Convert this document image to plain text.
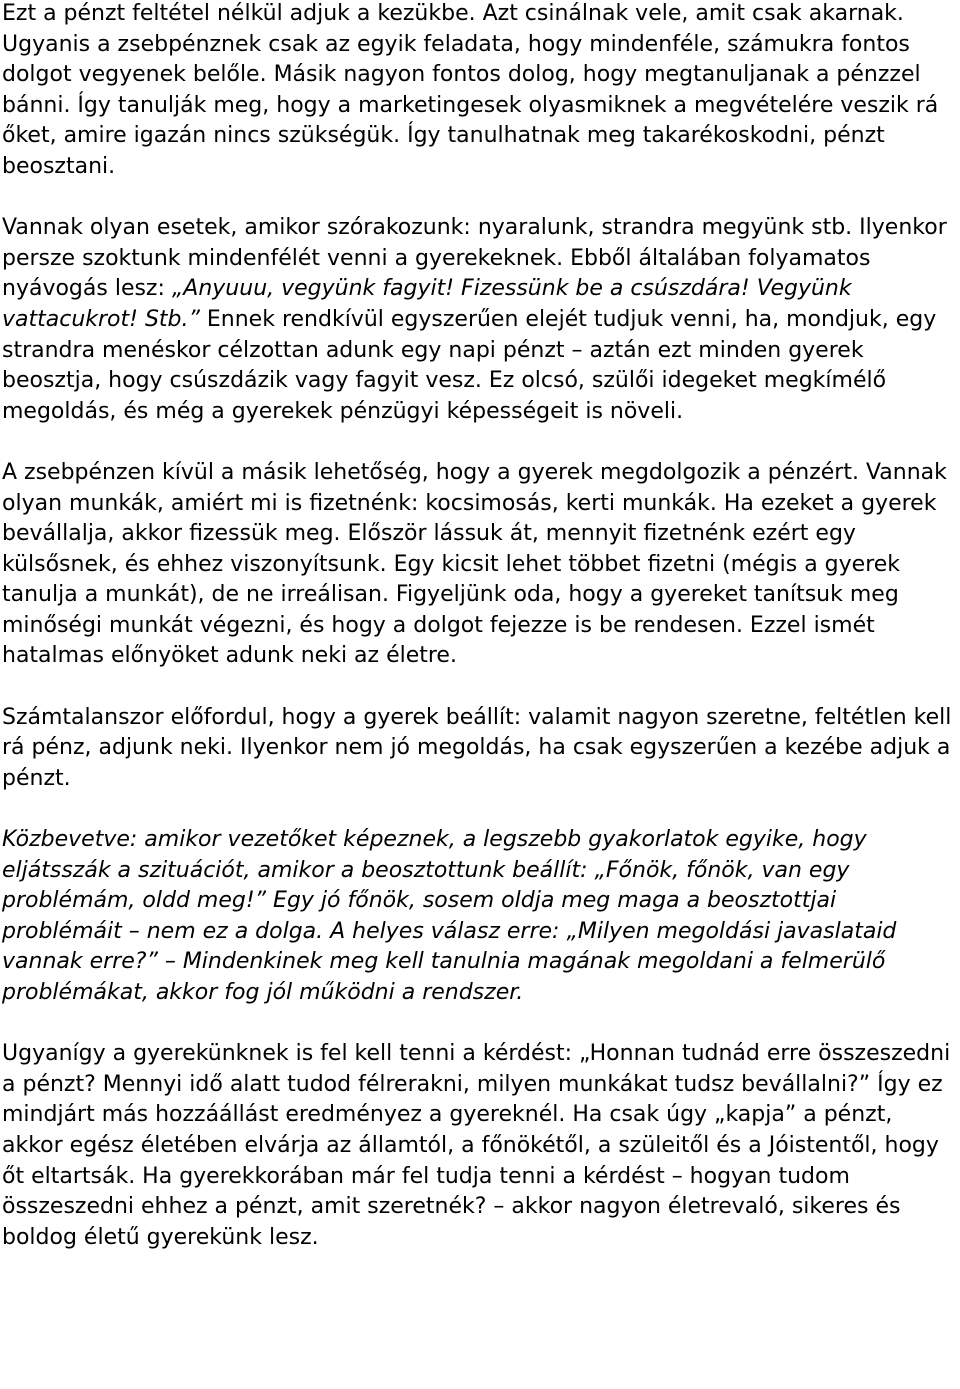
Ezt a pénzt feltétel nélkül adjuk a kezükbe. Azt csinálnak vele, amit csak akarnak. Ugyanis a zsebpénznek csak az egyik feladata, hogy mindenféle, számukra fontos dolgot vegyenek belőle. Másik nagyon fontos dolog, hogy megtanuljanak a pénzzel bánni. Így tanulják meg, hogy a marketingesek olyasmiknek a megvételére veszik rá őket, amire igazán nincs szükségük. Így tanulhatnak meg takarékoskodni, pénzt beosztani.

Vannak olyan esetek, amikor szórakozunk: nyaralunk, strandra megyünk stb. Ilyenkor persze szoktunk mindenfélét venni a gyerekeknek. Ebből általában folyamatos nyávogás lesz: „Anyuuu, vegyünk fagyit! Fizessünk be a csúszdára! Vegyünk vattacukrot! Stb.” Ennek rendkívül egyszerűen elejét tudjuk venni, ha, mondjuk, egy strandra menéskor célzottan adunk egy napi pénzt – aztán ezt minden gyerek beosztja, hogy csúszdázik vagy fagyit vesz. Ez olcsó, szülői idegeket megkímélő megoldás, és még a gyerekek pénzügyi képességeit is növeli.

A zsebpénzen kívül a másik lehetőség, hogy a gyerek megdolgozik a pénzért. Vannak olyan munkák, amiért mi is fizetnénk: kocsimosás, kerti munkák. Ha ezeket a gyerek bevállalja, akkor fizessük meg. Először lássuk át, mennyit fizetnénk ezért egy külsősnek, és ehhez viszonyítsunk. Egy kicsit lehet többet fizetni (mégis a gyerek tanulja a munkát), de ne irreálisan. Figyeljünk oda, hogy a gyereket tanítsuk meg minőségi munkát végezni, és hogy a dolgot fejezze is be rendesen. Ezzel ismét hatalmas előnyöket adunk neki az életre.

Számtalanszor előfordul, hogy a gyerek beállít: valamit nagyon szeretne, feltétlen kell rá pénz, adjunk neki. Ilyenkor nem jó megoldás, ha csak egyszerűen a kezébe adjuk a pénzt.

Közbevetve: amikor vezetőket képeznek, a legszebb gyakorlatok egyike, hogy eljátsszák a szituációt, amikor a beosztottunk beállít: „Főnök, főnök, van egy problémám, oldd meg!” Egy jó főnök, sosem oldja meg maga a beosztottjai problémáit – nem ez a dolga. A helyes válasz erre: „Milyen megoldási javaslataid vannak erre?” – Mindenkinek meg kell tanulnia magának megoldani a felmerülő problémákat, akkor fog jól működni a rendszer.

Ugyanígy a gyerekünknek is fel kell tenni a kérdést: „Honnan tudnád erre összeszedni a pénzt? Mennyi idő alatt tudod félrerakni, milyen munkákat tudsz bevállalni?” Így ez mindjárt más hozzáállást eredményez a gyereknél. Ha csak úgy „kapja” a pénzt, akkor egész életében elvárja az államtól, a főnökétől, a szüleitől és a Jóistentől, hogy őt eltartsák. Ha gyerekkorában már fel tudja tenni a kérdést – hogyan tudom összeszedni ehhez a pénzt, amit szeretnék? – akkor nagyon életrevaló, sikeres és boldog életű gyerekünk lesz.
